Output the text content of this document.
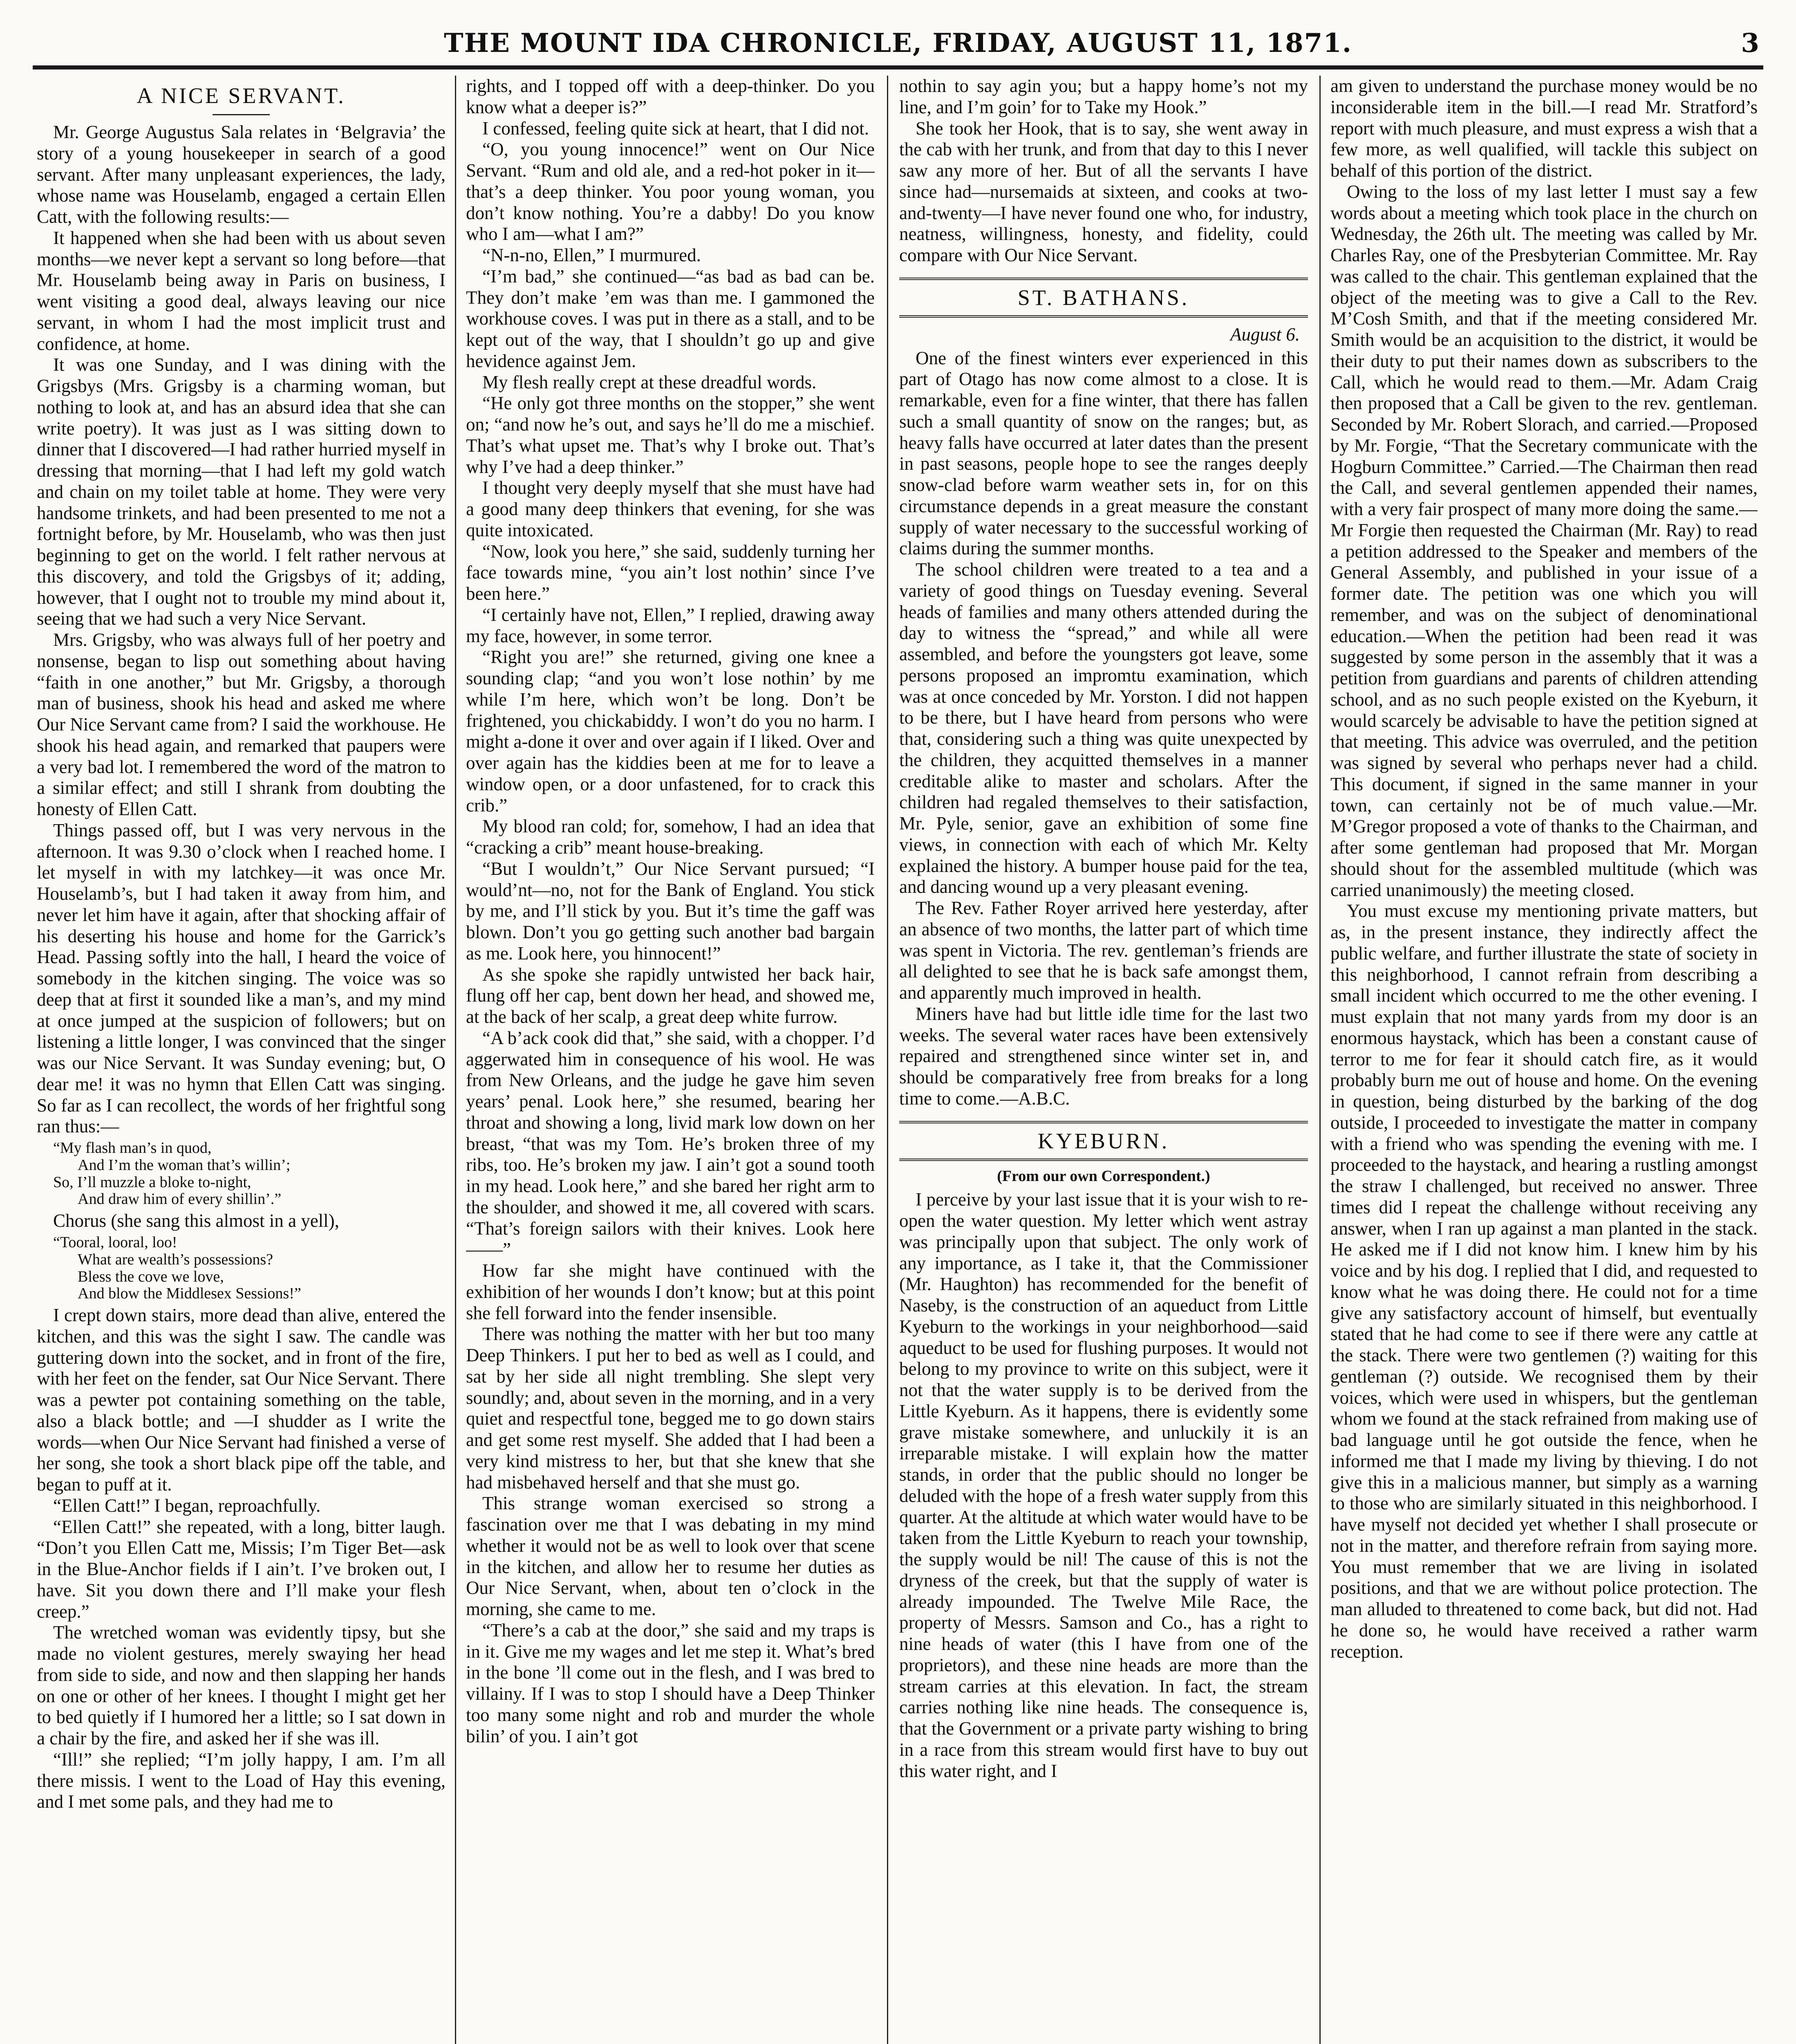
THE MOUNT IDA CHRONICLE, FRIDAY, AUGUST 11, 1871.	3
A NICE SERVANT.

Mr. George Augustus Sala relates in ‘Belgravia’ the story of a young housekeeper in search of a good servant. After many unpleasant experiences, the lady, whose name was Houselamb, engaged a certain Ellen Catt, with the following results:—

It happened when she had been with us about seven months—we never kept a servant so long before—that Mr. Houselamb being away in Paris on business, I went visiting a good deal, always leaving our nice servant, in whom I had the most implicit trust and confidence, at home.

It was one Sunday, and I was dining with the Grigsbys (Mrs. Grigsby is a charming woman, but nothing to look at, and has an absurd idea that she can write poetry). It was just as I was sitting down to dinner that I discovered—I had rather hurried myself in dressing that morning—that I had left my gold watch and chain on my toilet table at home. They were very handsome trinkets, and had been presented to me not a fortnight before, by Mr. Houselamb, who was then just beginning to get on the world. I felt rather nervous at this discovery, and told the Grigsbys of it; adding, however, that I ought not to trouble my mind about it, seeing that we had such a very Nice Servant.

Mrs. Grigsby, who was always full of her poetry and nonsense, began to lisp out something about having “faith in one another,” but Mr. Grigsby, a thorough man of business, shook his head and asked me where Our Nice Servant came from? I said the workhouse. He shook his head again, and remarked that paupers were a very bad lot. I remembered the word of the matron to a similar effect; and still I shrank from doubting the honesty of Ellen Catt.

Things passed off, but I was very nervous in the afternoon. It was 9.30 o’clock when I reached home. I let myself in with my latchkey—it was once Mr. Houselamb’s, but I had taken it away from him, and never let him have it again, after that shocking affair of his deserting his house and home for the Garrick’s Head. Passing softly into the hall, I heard the voice of somebody in the kitchen singing. The voice was so deep that at first it sounded like a man’s, and my mind at once jumped at the suspicion of followers; but on listening a little longer, I was convinced that the singer was our Nice Servant. It was Sunday evening; but, O dear me! it was no hymn that Ellen Catt was singing. So far as I can recollect, the words of her frightful song ran thus:—

“My flash man’s in quod,
And I’m the woman that’s willin’;
So, I’ll muzzle a bloke to-night,
And draw him of every shillin’.”

Chorus (she sang this almost in a yell),

“Tooral, looral, loo!
What are wealth’s possessions?
Bless the cove we love,
And blow the Middlesex Sessions!”

I crept down stairs, more dead than alive, entered the kitchen, and this was the sight I saw. The candle was guttering down into the socket, and in front of the fire, with her feet on the fender, sat Our Nice Servant. There was a pewter pot containing something on the table, also a black bottle; and —I shudder as I write the words—when Our Nice Servant had finished a verse of her song, she took a short black pipe off the table, and began to puff at it.

“Ellen Catt!” I began, reproachfully.

“Ellen Catt!” she repeated, with a long, bitter laugh. “Don’t you Ellen Catt me, Missis; I’m Tiger Bet—ask in the Blue-Anchor fields if I ain’t. I’ve broken out, I have. Sit you down there and I’ll make your flesh creep.”

The wretched woman was evidently tipsy, but she made no violent gestures, merely swaying her head from side to side, and now and then slapping her hands on one or other of her knees. I thought I might get her to bed quietly if I humored her a little; so I sat down in a chair by the fire, and asked her if she was ill.

“Ill!” she replied; “I’m jolly happy, I am. I’m all there missis. I went to the Load of Hay this evening, and I met some pals, and they had me to

rights, and I topped off with a deep-thinker. Do you know what a deeper is?”

I confessed, feeling quite sick at heart, that I did not.

“O, you young innocence!” went on Our Nice Servant. “Rum and old ale, and a red-hot poker in it—that’s a deep thinker. You poor young woman, you don’t know nothing. You’re a dabby! Do you know who I am—what I am?”

“N-n-no, Ellen,” I murmured.

“I’m bad,” she continued—“as bad as bad can be. They don’t make ’em was than me. I gammoned the workhouse coves. I was put in there as a stall, and to be kept out of the way, that I shouldn’t go up and give hevidence against Jem.

My flesh really crept at these dreadful words.

“He only got three months on the stopper,” she went on; “and now he’s out, and says he’ll do me a mischief. That’s what upset me. That’s why I broke out. That’s why I’ve had a deep thinker.”

I thought very deeply myself that she must have had a good many deep thinkers that evening, for she was quite intoxicated.

“Now, look you here,” she said, suddenly turning her face towards mine, “you ain’t lost nothin’ since I’ve been here.”

“I certainly have not, Ellen,” I replied, drawing away my face, however, in some terror.

“Right you are!” she returned, giving one knee a sounding clap; “and you won’t lose nothin’ by me while I’m here, which won’t be long. Don’t be frightened, you chickabiddy. I won’t do you no harm. I might a-done it over and over again if I liked. Over and over again has the kiddies been at me for to leave a window open, or a door unfastened, for to crack this crib.”

My blood ran cold; for, somehow, I had an idea that “cracking a crib” meant house-breaking.

“But I wouldn’t,” Our Nice Servant pursued; “I would’nt—no, not for the Bank of England. You stick by me, and I’ll stick by you. But it’s time the gaff was blown. Don’t you go getting such another bad bargain as me. Look here, you hinnocent!”

As she spoke she rapidly untwisted her back hair, flung off her cap, bent down her head, and showed me, at the back of her scalp, a great deep white furrow.

“A b’ack cook did that,” she said, with a chopper. I’d aggerwated him in consequence of his wool. He was from New Orleans, and the judge he gave him seven years’ penal. Look here,” she resumed, bearing her throat and showing a long, livid mark low down on her breast, “that was my Tom. He’s broken three of my ribs, too. He’s broken my jaw. I ain’t got a sound tooth in my head. Look here,” and she bared her right arm to the shoulder, and showed it me, all covered with scars. “That’s foreign sailors with their knives. Look here——”

How far she might have continued with the exhibition of her wounds I don’t know; but at this point she fell forward into the fender insensible.

There was nothing the matter with her but too many Deep Thinkers. I put her to bed as well as I could, and sat by her side all night trembling. She slept very soundly; and, about seven in the morning, and in a very quiet and respectful tone, begged me to go down stairs and get some rest myself. She added that I had been a very kind mistress to her, but that she knew that she had misbehaved herself and that she must go.

This strange woman exercised so strong a fascination over me that I was debating in my mind whether it would not be as well to look over that scene in the kitchen, and allow her to resume her duties as Our Nice Servant, when, about ten o’clock in the morning, she came to me.

“There’s a cab at the door,” she said and my traps is in it. Give me my wages and let me step it. What’s bred in the bone ’ll come out in the flesh, and I was bred to villainy. If I was to stop I should have a Deep Thinker too many some night and rob and murder the whole bilin’ of you. I ain’t got

nothin to say agin you; but a happy home’s not my line, and I’m goin’ for to Take my Hook.”

She took her Hook, that is to say, she went away in the cab with her trunk, and from that day to this I never saw any more of her. But of all the servants I have since had—nursemaids at sixteen, and cooks at two-and-twenty—I have never found one who, for industry, neatness, willingness, honesty, and fidelity, could compare with Our Nice Servant.

ST. BATHANS.
August 6.

One of the finest winters ever experienced in this part of Otago has now come almost to a close. It is remarkable, even for a fine winter, that there has fallen such a small quantity of snow on the ranges; but, as heavy falls have occurred at later dates than the present in past seasons, people hope to see the ranges deeply snow-clad before warm weather sets in, for on this circumstance depends in a great measure the constant supply of water necessary to the successful working of claims during the summer months.

The school children were treated to a tea and a variety of good things on Tuesday evening. Several heads of families and many others attended during the day to witness the “spread,” and while all were assembled, and before the youngsters got leave, some persons proposed an impromtu examination, which was at once conceded by Mr. Yorston. I did not happen to be there, but I have heard from persons who were that, considering such a thing was quite unexpected by the children, they acquitted themselves in a manner creditable alike to master and scholars. After the children had regaled themselves to their satisfaction, Mr. Pyle, senior, gave an exhibition of some fine views, in connection with each of which Mr. Kelty explained the history. A bumper house paid for the tea, and dancing wound up a very pleasant evening.

The Rev. Father Royer arrived here yesterday, after an absence of two months, the latter part of which time was spent in Victoria. The rev. gentleman’s friends are all delighted to see that he is back safe amongst them, and apparently much improved in health.

Miners have had but little idle time for the last two weeks. The several water races have been extensively repaired and strengthened since winter set in, and should be comparatively free from breaks for a long time to come.—A.B.C.

KYEBURN.
(From our own Correspondent.)

I perceive by your last issue that it is your wish to re-open the water question. My letter which went astray was principally upon that subject. The only work of any importance, as I take it, that the Commissioner (Mr. Haughton) has recommended for the benefit of Naseby, is the construction of an aqueduct from Little Kyeburn to the workings in your neighborhood—said aqueduct to be used for flushing purposes. It would not belong to my province to write on this subject, were it not that the water supply is to be derived from the Little Kyeburn. As it happens, there is evidently some grave mistake somewhere, and unluckily it is an irreparable mistake. I will explain how the matter stands, in order that the public should no longer be deluded with the hope of a fresh water supply from this quarter. At the altitude at which water would have to be taken from the Little Kyeburn to reach your township, the supply would be nil! The cause of this is not the dryness of the creek, but that the supply of water is already impounded. The Twelve Mile Race, the property of Messrs. Samson and Co., has a right to nine heads of water (this I have from one of the proprietors), and these nine heads are more than the stream carries at this elevation. In fact, the stream carries nothing like nine heads. The consequence is, that the Government or a private party wishing to bring in a race from this stream would first have to buy out this water right, and I

am given to understand the purchase money would be no inconsiderable item in the bill.—I read Mr. Stratford’s report with much pleasure, and must express a wish that a few more, as well qualified, will tackle this subject on behalf of this portion of the district.

Owing to the loss of my last letter I must say a few words about a meeting which took place in the church on Wednesday, the 26th ult. The meeting was called by Mr. Charles Ray, one of the Presbyterian Committee. Mr. Ray was called to the chair. This gentleman explained that the object of the meeting was to give a Call to the Rev. M’Cosh Smith, and that if the meeting considered Mr. Smith would be an acquisition to the district, it would be their duty to put their names down as subscribers to the Call, which he would read to them.—Mr. Adam Craig then proposed that a Call be given to the rev. gentleman. Seconded by Mr. Robert Slorach, and carried.—Proposed by Mr. Forgie, “That the Secretary communicate with the Hogburn Committee.” Carried.—The Chairman then read the Call, and several gentlemen appended their names, with a very fair prospect of many more doing the same.—Mr Forgie then requested the Chairman (Mr. Ray) to read a petition addressed to the Speaker and members of the General Assembly, and published in your issue of a former date. The petition was one which you will remember, and was on the subject of denominational education.—When the petition had been read it was suggested by some person in the assembly that it was a petition from guardians and parents of children attending school, and as no such people existed on the Kyeburn, it would scarcely be advisable to have the petition signed at that meeting. This advice was overruled, and the petition was signed by several who perhaps never had a child. This document, if signed in the same manner in your town, can certainly not be of much value.—Mr. M’Gregor proposed a vote of thanks to the Chairman, and after some gentleman had proposed that Mr. Morgan should shout for the assembled multitude (which was carried unanimously) the meeting closed.

You must excuse my mentioning private matters, but as, in the present instance, they indirectly affect the public welfare, and further illustrate the state of society in this neighborhood, I cannot refrain from describing a small incident which occurred to me the other evening. I must explain that not many yards from my door is an enormous haystack, which has been a constant cause of terror to me for fear it should catch fire, as it would probably burn me out of house and home. On the evening in question, being disturbed by the barking of the dog outside, I proceeded to investigate the matter in company with a friend who was spending the evening with me. I proceeded to the haystack, and hearing a rustling amongst the straw I challenged, but received no answer. Three times did I repeat the challenge without receiving any answer, when I ran up against a man planted in the stack. He asked me if I did not know him. I knew him by his voice and by his dog. I replied that I did, and requested to know what he was doing there. He could not for a time give any satisfactory account of himself, but eventually stated that he had come to see if there were any cattle at the stack. There were two gentlemen (?) waiting for this gentleman (?) outside. We recognised them by their voices, which were used in whispers, but the gentleman whom we found at the stack refrained from making use of bad language until he got outside the fence, when he informed me that I made my living by thieving. I do not give this in a malicious manner, but simply as a warning to those who are similarly situated in this neighborhood. I have myself not decided yet whether I shall prosecute or not in the matter, and therefore refrain from saying more. You must remember that we are living in isolated positions, and that we are without police protection. The man alluded to threatened to come back, but did not. Had he done so, he would have received a rather warm reception.
